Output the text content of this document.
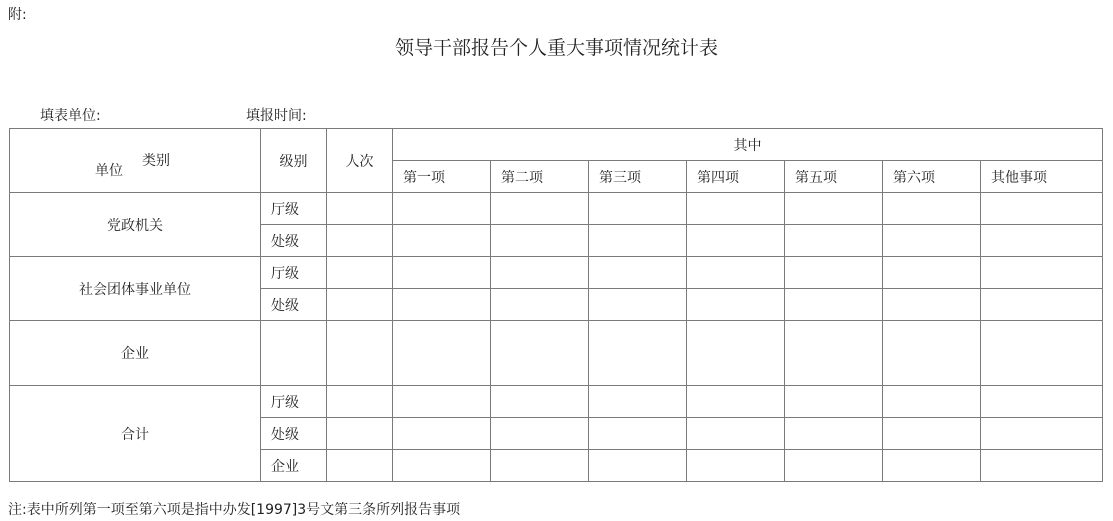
附:
领导干部报告个人重大事项情况统计表
填表单位:	填报时间:
类别
单位	级别	人次	其中						
			第一项	第二项	第三项	第四项	第五项	第六项	其他事项
党政机关	厅级								
	处级								
社会团体事业单位	厅级								
	处级								
企业									
合计	厅级								
	处级								
	企业								
注:表中所列第一项至第六项是指中办发[1997]3号文第三条所列报告事项
